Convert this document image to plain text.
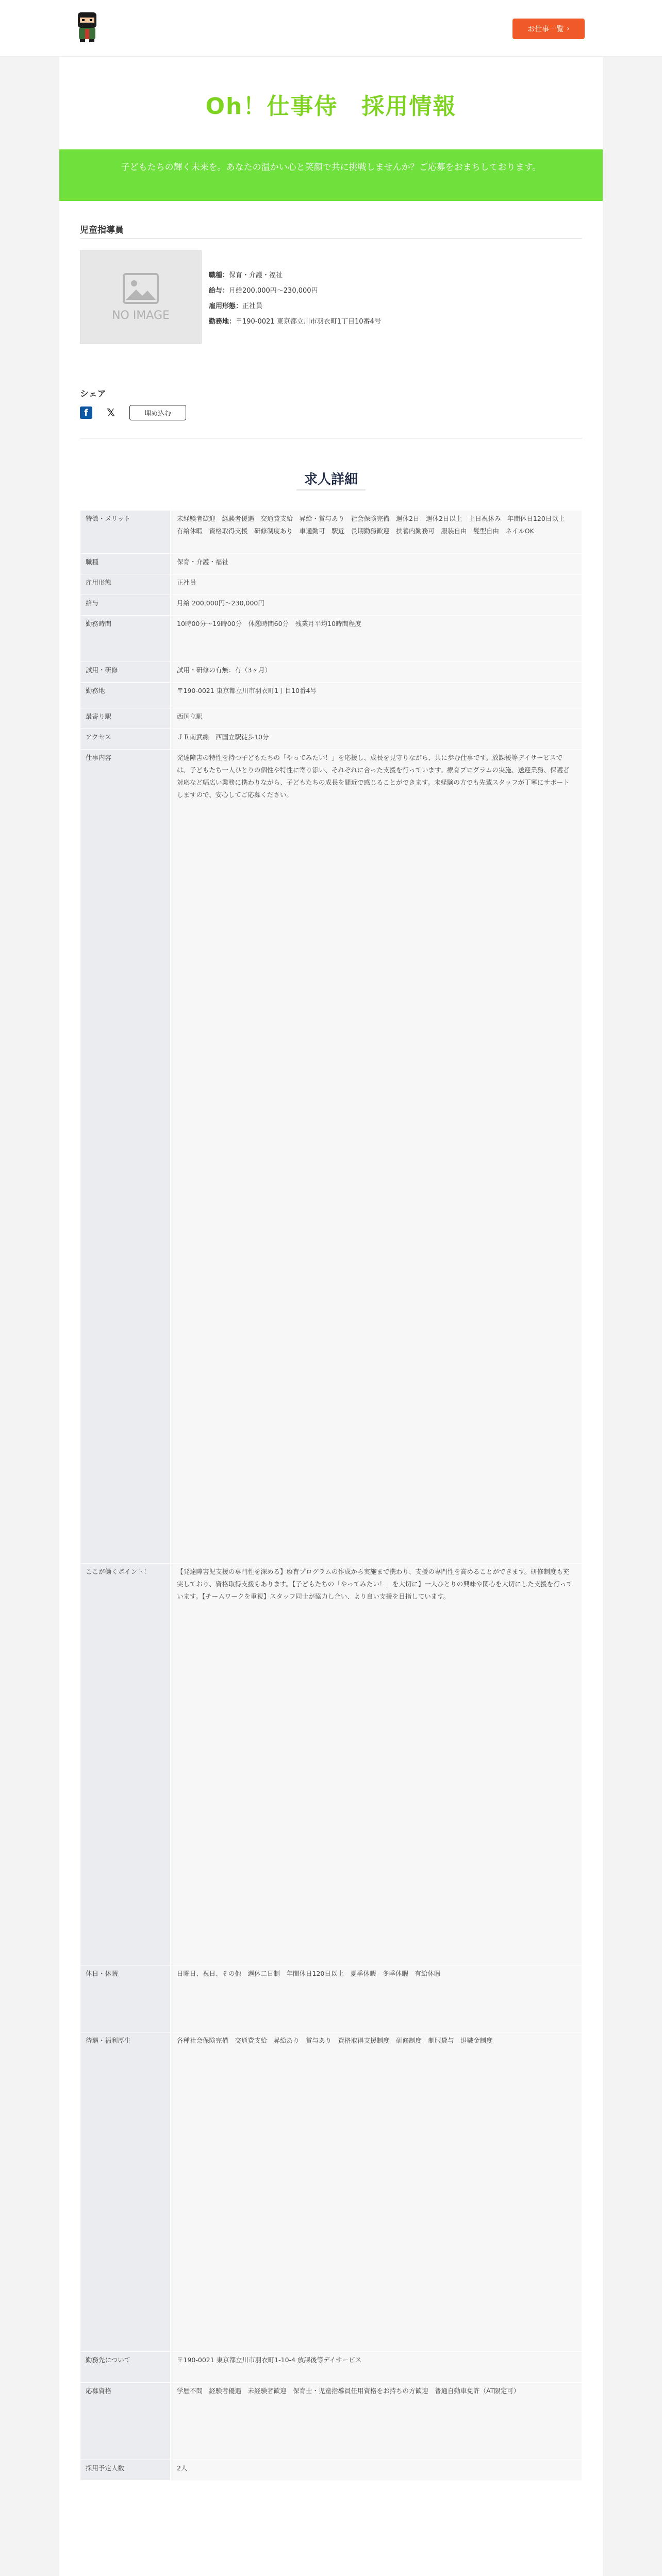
お仕事一覧 ›
Oh！仕事侍　採用情報
子どもたちの輝く未来を。あなたの温かい心と笑顔で共に挑戦しませんか？ご応募をおまちしております。
児童指導員
NO IMAGE
職種：保育・介護・福祉
給与：月給200,000円〜230,000円
雇用形態：正社員
勤務地：〒190-0021 東京都立川市羽衣町1丁目10番4号
シェア
f	𝕏	埋め込む
求人詳細
特徴・メリット	未経験者歓迎　経験者優遇　交通費支給　昇給・賞与あり　社会保険完備　週休2日　週休2日以上　土日祝休み　年間休日120日以上　有給休暇　資格取得支援　研修制度あり　車通勤可　駅近　長期勤務歓迎　扶養内勤務可　服装自由　髪型自由　ネイルOK
職種	保育・介護・福祉
雇用形態	正社員
給与	月給 200,000円〜230,000円
勤務時間	10時00分〜19時00分　休憩時間60分　残業月平均10時間程度
試用・研修	試用・研修の有無：有（3ヶ月）
勤務地	〒190-0021 東京都立川市羽衣町1丁目10番4号
最寄り駅	西国立駅
アクセス	ＪＲ南武線　西国立駅徒歩10分
仕事内容	発達障害の特性を持つ子どもたちの「やってみたい！」を応援し、成長を見守りながら、共に歩む仕事です。放課後等デイサービスでは、子どもたち一人ひとりの個性や特性に寄り添い、それぞれに合った支援を行っています。療育プログラムの実施、送迎業務、保護者対応など幅広い業務に携わりながら、子どもたちの成長を間近で感じることができます。未経験の方でも先輩スタッフが丁寧にサポートしますので、安心してご応募ください。
ここが働くポイント！	【発達障害児支援の専門性を深める】療育プログラムの作成から実施まで携わり、支援の専門性を高めることができます。研修制度も充実しており、資格取得支援もあります。【子どもたちの「やってみたい！」を大切に】一人ひとりの興味や関心を大切にした支援を行っています。【チームワークを重視】スタッフ同士が協力し合い、より良い支援を目指しています。
休日・休暇	日曜日、祝日、その他　週休二日制　年間休日120日以上　夏季休暇　冬季休暇　有給休暇
待遇・福利厚生	各種社会保険完備　交通費支給　昇給あり　賞与あり　資格取得支援制度　研修制度　制服貸与　退職金制度
勤務先について	〒190-0021 東京都立川市羽衣町1-10-4 放課後等デイサービス
応募資格	学歴不問　経験者優遇　未経験者歓迎　保育士・児童指導員任用資格をお持ちの方歓迎　普通自動車免許（AT限定可）
採用予定人数	2人
